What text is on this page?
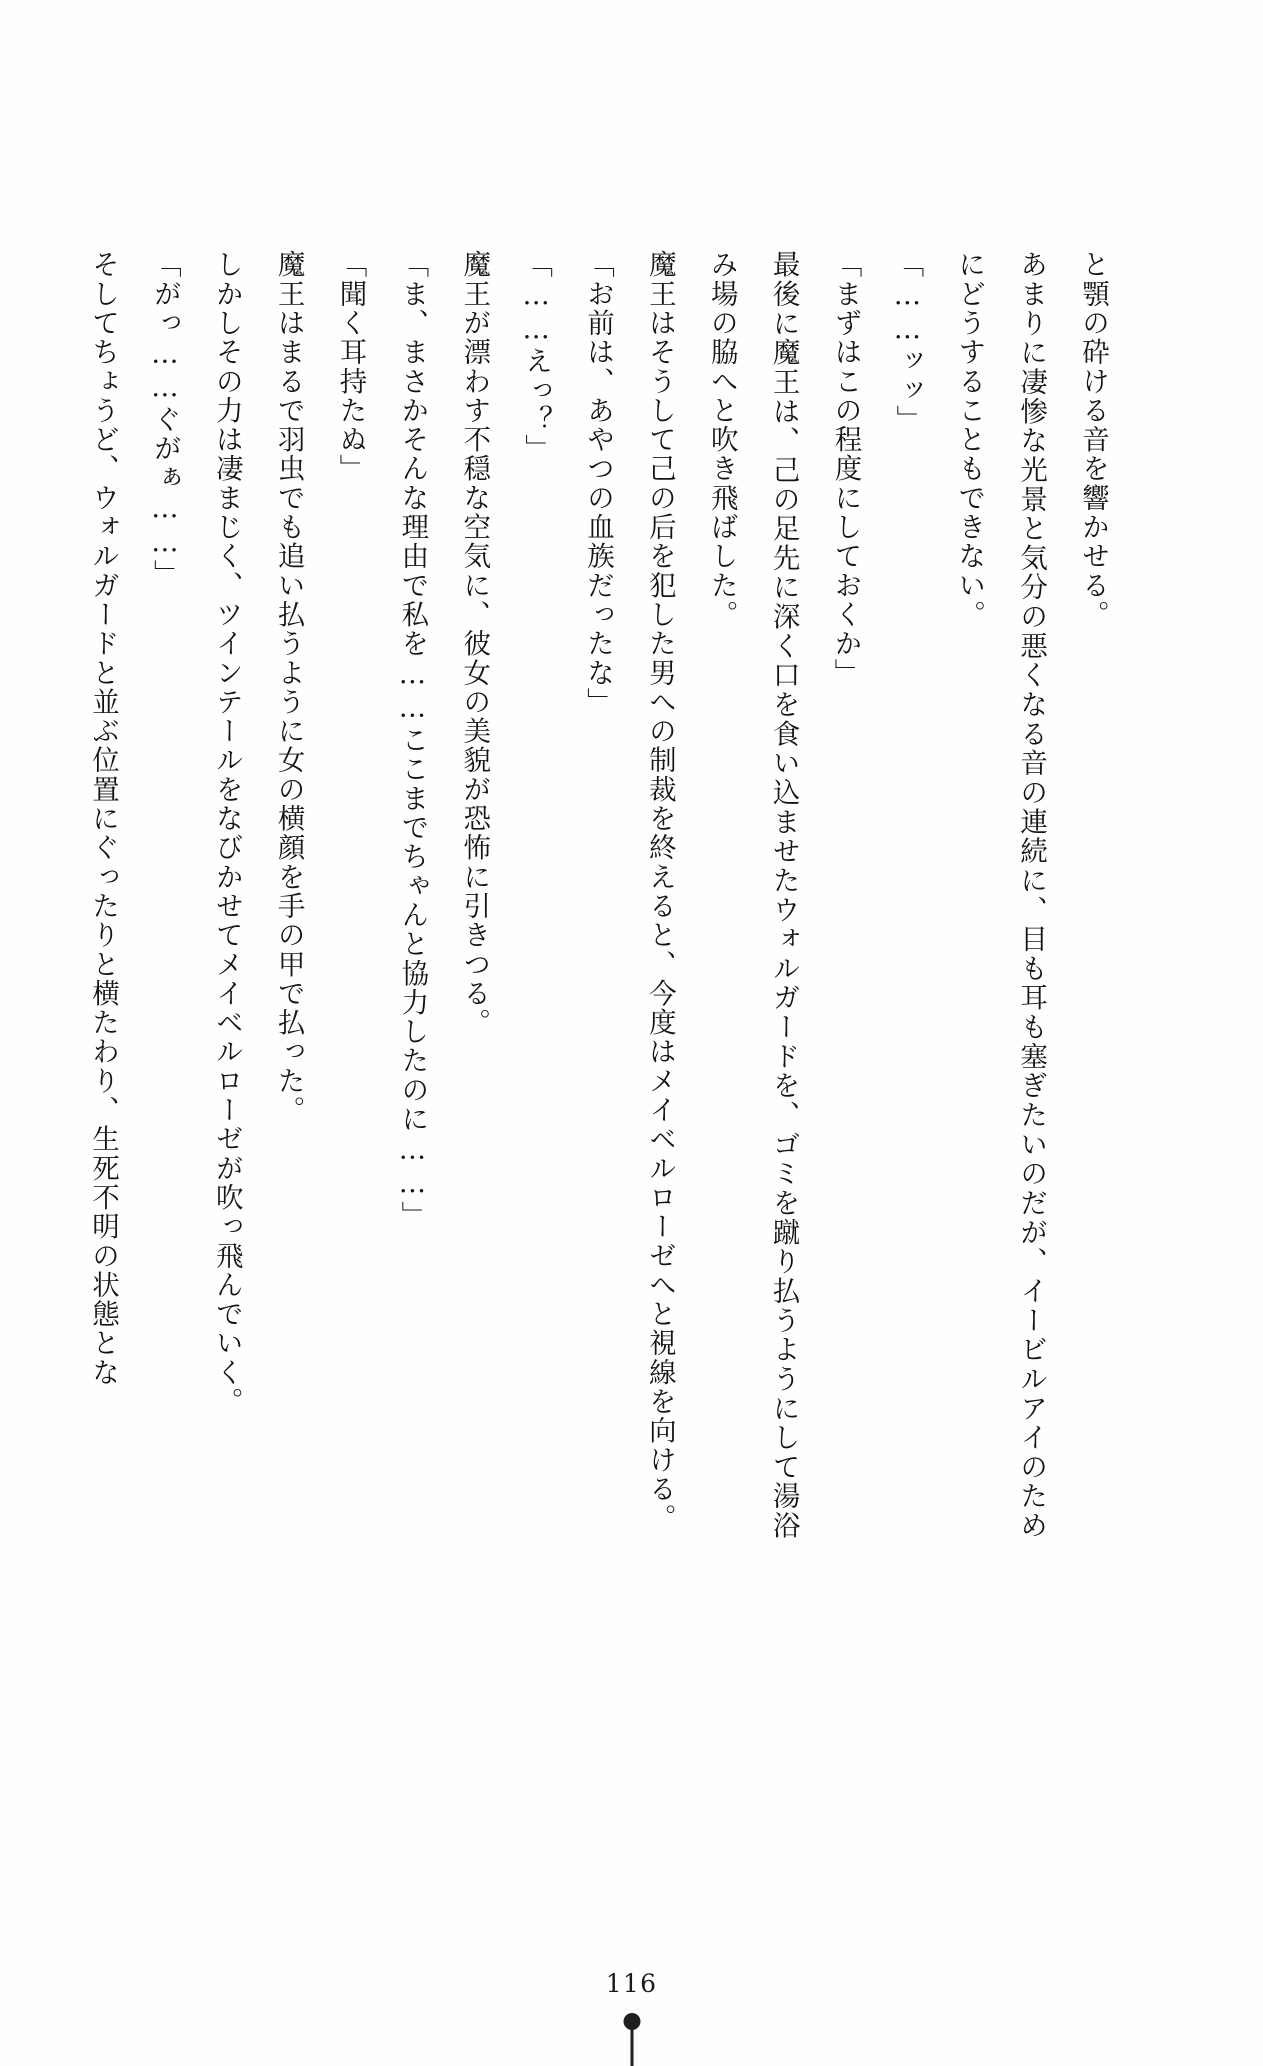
と顎の砕ける音を響かせる。

あまりに凄惨な光景と気分の悪くなる音の連続に、目も耳も塞ぎたいのだが、イービルアイのためにどうすることもできない。

「……ッッ」

「まずはこの程度にしておくか」

最後に魔王は、己の足先に深く口を食い込ませたウォルガードを、ゴミを蹴り払うようにして湯浴み場の脇へと吹き飛ばした。

魔王はそうして己の后を犯した男への制裁を終えると、今度はメイベルローゼへと視線を向ける。

「お前は、あやつの血族だったな」

「……えっ？」

魔王が漂わす不穏な空気に、彼女の美貌が恐怖に引きつる。

「ま、まさかそんな理由で私を……ここまでちゃんと協力したのに……」

「聞く耳持たぬ」

魔王はまるで羽虫でも追い払うように女の横顔を手の甲で払った。

しかしその力は凄まじく、ツインテールをなびかせてメイベルローゼが吹っ飛んでいく。

「がっ……ぐがぁ……」

そしてちょうど、ウォルガードと並ぶ位置にぐったりと横たわり、生死不明の状態とな

116
